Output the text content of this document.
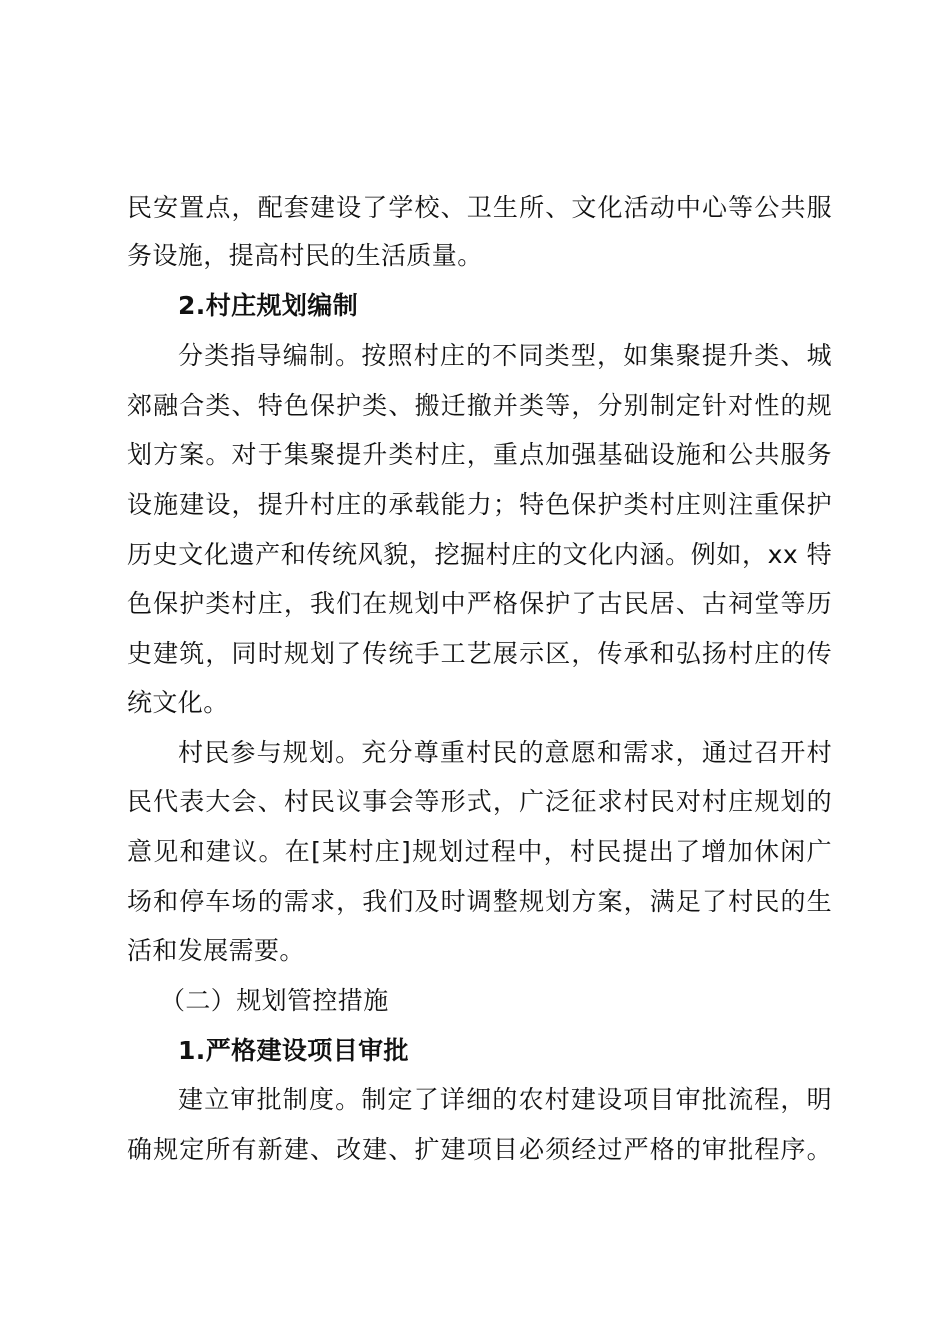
民安置点，配套建设了学校、卫生所、文化活动中心等公共服
务设施，提高村民的生活质量。
2.村庄规划编制
分类指导编制。按照村庄的不同类型，如集聚提升类、城
郊融合类、特色保护类、搬迁撤并类等，分别制定针对性的规
划方案。对于集聚提升类村庄，重点加强基础设施和公共服务
设施建设，提升村庄的承载能力；特色保护类村庄则注重保护
历史文化遗产和传统风貌，挖掘村庄的文化内涵。例如，xx 特
色保护类村庄，我们在规划中严格保护了古民居、古祠堂等历
史建筑，同时规划了传统手工艺展示区，传承和弘扬村庄的传
统文化。
村民参与规划。充分尊重村民的意愿和需求，通过召开村
民代表大会、村民议事会等形式，广泛征求村民对村庄规划的
意见和建议。在[某村庄]规划过程中，村民提出了增加休闲广
场和停车场的需求，我们及时调整规划方案，满足了村民的生
活和发展需要。
（二）规划管控措施
1.严格建设项目审批
建立审批制度。制定了详细的农村建设项目审批流程，明
确规定所有新建、改建、扩建项目必须经过严格的审批程序。
